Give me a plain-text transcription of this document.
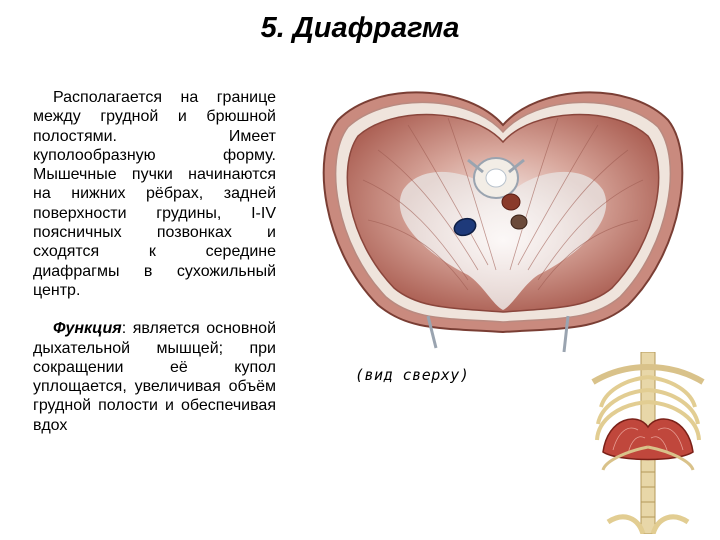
5. Диафрагма

Располагается на границе между грудной и брюшной полостями. Имеет куполообразную форму. Мышечные пучки начинаются на нижних рёбрах, задней поверхности грудины, I-IV поясничных позвонках и сходятся к середине диафрагмы в сухожильный центр.

Функция: является основной дыхательной мышцей; при сокращении её купол уплощается, увеличивая объём грудной полости и обеспечивая вдох

(вид сверху)
